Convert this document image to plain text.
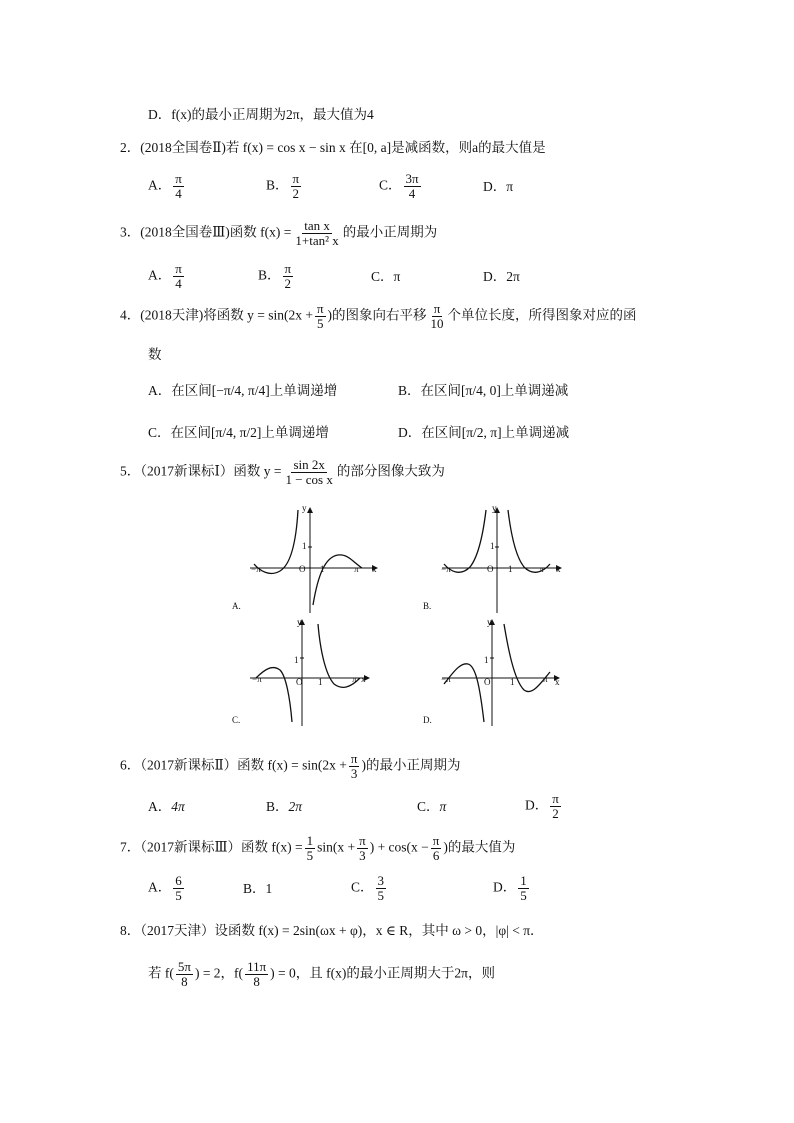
D．f(x)的最小正周期为2π，最大值为4
2．(2018全国卷Ⅱ)若 f(x) = cos x − sin x 在[0, a]是减函数，则a的最大值是
A． $\frac{\pi}{4}$	B． $\frac{\pi}{2}$	C． $\frac{3\pi}{4}$	D．π
3．(2018全国卷Ⅲ)函数 $f(x) = \frac{\text{tan x}}{\text{1+tan² x}}$ 的最小正周期为
A． $\frac{\pi}{4}$	B． $\frac{\pi}{2}$	C．π	D．2π
4．(2018天津)将函数 $y = \sin(2x + \frac{\pi}{5}$ )的图象向右平移 $\frac{\pi}{10}$ 个单位长度，所得图象对应的函
数
A．在区间[−π/4, π/4]上单调递增	B．在区间[π/4, 0]上单调递减
C．在区间[π/4, π/2]上单调递增	D．在区间[π/2, π]上单调递减
5．（2017新课标Ⅰ）函数 $y = \frac{\sin 2x}{\text{1 − cos x}}$ 的部分图像大致为
y
x
O
1
1
−π	π
A.
y
x
O
1
1
−π	π
B.
y
x
O
1
1
−π	π
C.
y
x
O
1
1
−π	π
D.
6．（2017新课标Ⅱ）函数 $f(x) = \sin(2x + \frac{\pi}{3}$ )的最小正周期为
A．4π	B．2π	C．π	D． $\frac{\pi}{2}$
7．（2017新课标Ⅲ）函数 $f(x) = \frac{1}{5} \sin(x + \frac{\pi}{3}$ ) + $\cos(x - \frac{\pi}{6}$ )的最大值为
A． $\frac{6}{5}$	B．1	C． $\frac{3}{5}$	D． $\frac{1}{5}$
8．（2017天津）设函数 f(x) = 2sin(ωx + φ)，x ∈ R，其中 ω > 0，|φ| < π．
若 $f( \frac{5\pi}{8}$ ) = 2，$f( \frac{11\pi}{8}$ ) = 0，且 f(x)的最小正周期大于2π，则
